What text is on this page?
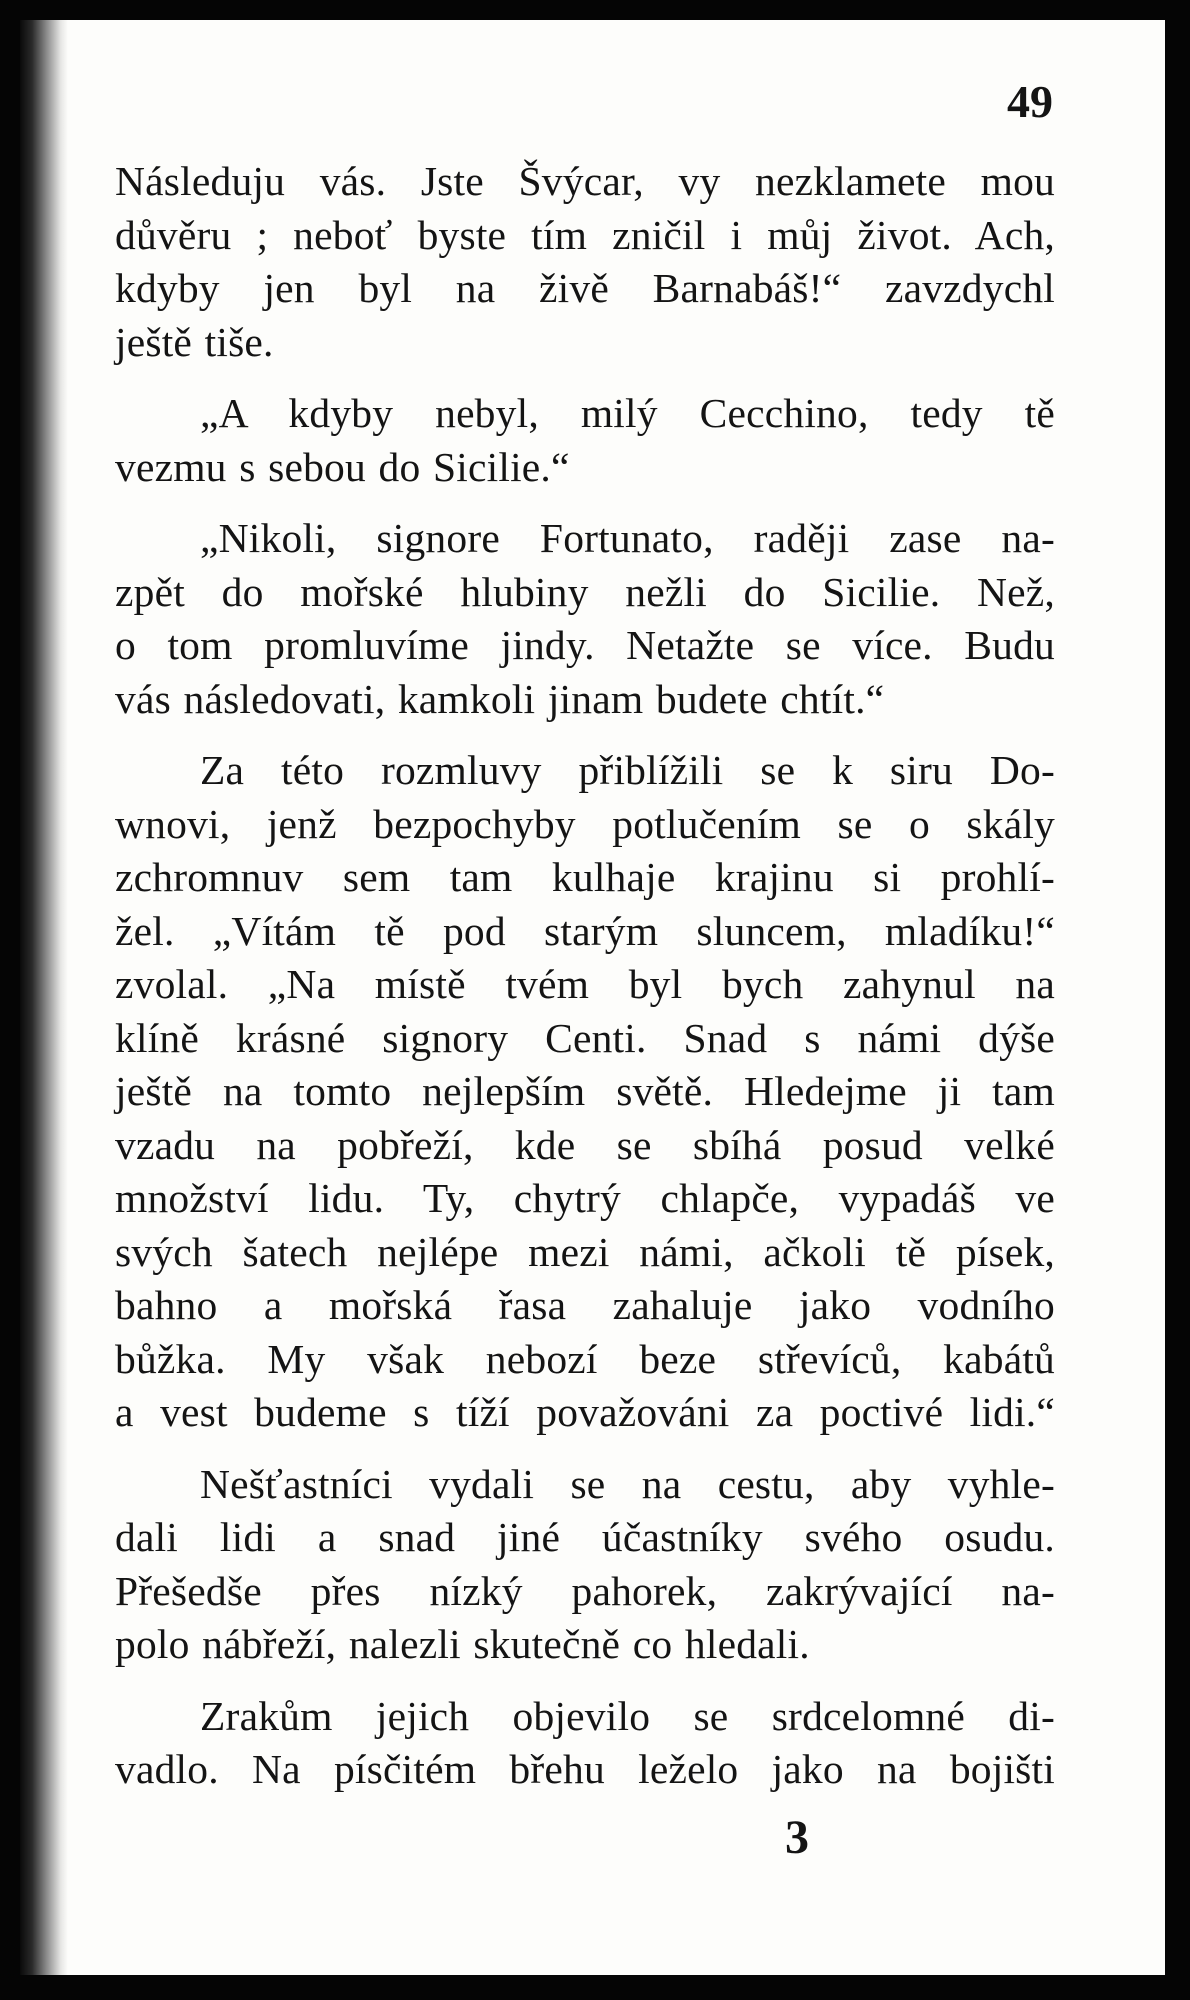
49

Následuju vás. Jste Švýcar, vy nezklamete mou
důvěru ; neboť byste tím zničil i můj život. Ach,
kdyby jen byl na živě Barnabáš!“ zavzdychl
ještě tiše.

„A kdyby nebyl, milý Cecchino, tedy tě
vezmu s sebou do Sicilie.“

„Nikoli, signore Fortunato, raději zase na-
zpět do mořské hlubiny nežli do Sicilie. Než,
o tom promluvíme jindy. Netažte se více. Budu
vás následovati, kamkoli jinam budete chtít.“

Za této rozmluvy přiblížili se k siru Do-
wnovi, jenž bezpochyby potlučením se o skály
zchromnuv sem tam kulhaje krajinu si prohlí-
žel. „Vítám tě pod starým sluncem, mladíku!“
zvolal. „Na místě tvém byl bych zahynul na
klíně krásné signory Centi. Snad s námi dýše
ještě na tomto nejlepším světě. Hledejme ji tam
vzadu na pobřeží, kde se sbíhá posud velké
množství lidu. Ty, chytrý chlapče, vypadáš ve
svých šatech nejlépe mezi námi, ačkoli tě písek,
bahno a mořská řasa zahaluje jako vodního
bůžka. My však nebozí beze střevíců, kabátů
a vest budeme s tíží považováni za poctivé lidi.“

Nešťastníci vydali se na cestu, aby vyhle-
dali lidi a snad jiné účastníky svého osudu.
Přešedše přes nízký pahorek, zakrývající na-
polo nábřeží, nalezli skutečně co hledali.

Zrakům jejich objevilo se srdcelomné di-
vadlo. Na písčitém břehu leželo jako na bojišti

3
